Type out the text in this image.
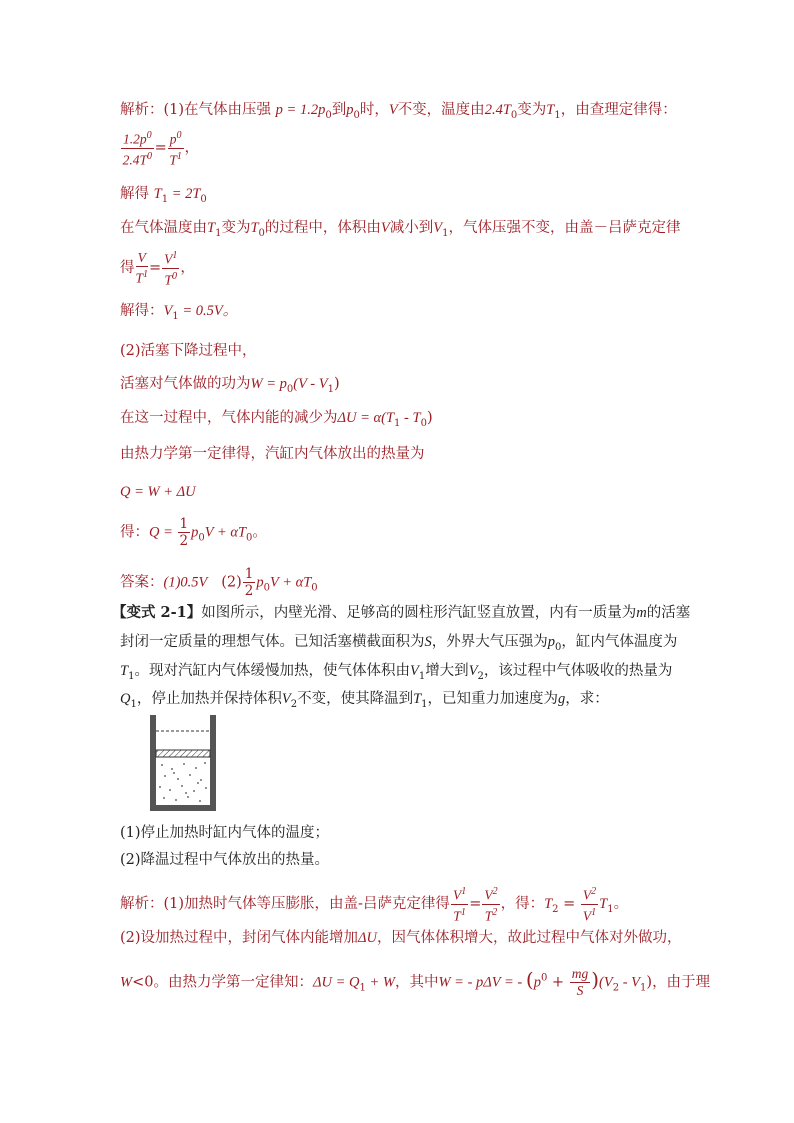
解析：(1)在气体由压强 $p = 1.2p_0$到$p_0$时，V不变，温度由$2.4T_0$变为$T_1$，由查理定律得：
$\frac{1.2p^0}{2.4T^0} = \frac{p^0}{T^1}$ ，
解得 $T_1 = 2T_0$
在气体温度由$T_1$变为$T_0$的过程中，体积由V减小到$V_1$，气体压强不变，由盖－吕萨克定律
得 $\frac{V}{T^1} = \frac{V^1}{T^0}$ ，
解得：$V_1 = 0.5V$。
(2)活塞下降过程中，
活塞对气体做的功为$W = p_0(V - V_1)$
在这一过程中，气体内能的减少为$\Delta U = \alpha(T_1 - T_0)$
由热力学第一定律得，汽缸内气体放出的热量为
Q = W + ΔU
得：$Q = \frac{1}{2} p_0V + \alpha T_0$。
答案：(1)0.5V $(2) \frac{1}{2} p_0V + \alpha T_0$
【变式 2-1】如图所示，内壁光滑、足够高的圆柱形汽缸竖直放置，内有一质量为m的活塞
封闭一定质量的理想气体。已知活塞横截面积为S，外界大气压强为$p_0$，缸内气体温度为
$T_1$。现对汽缸内气体缓慢加热，使气体体积由$V_1$增大到$V_2$，该过程中气体吸收的热量为
$Q_1$，停止加热并保持体积$V_2$不变，使其降温到$T_1$，已知重力加速度为g，求：
(1)停止加热时缸内气体的温度；
(2)降温过程中气体放出的热量。
解析：(1)加热时气体等压膨胀，由盖-吕萨克定律得 $\frac{V^1}{T^1} = \frac{V^2}{T^2}$ ，得：$T_2 = \frac{V^2}{V^1} T_1$。
(2)设加热过程中，封闭气体内能增加ΔU，因气体体积增大，故此过程中气体对外做功，
W<0。由热力学第一定律知：$\Delta U = Q_1 + W$，其中W = - pΔV = - $(p^0 + \frac{mg}{S} )(V_2 - V_1)$，由于理
